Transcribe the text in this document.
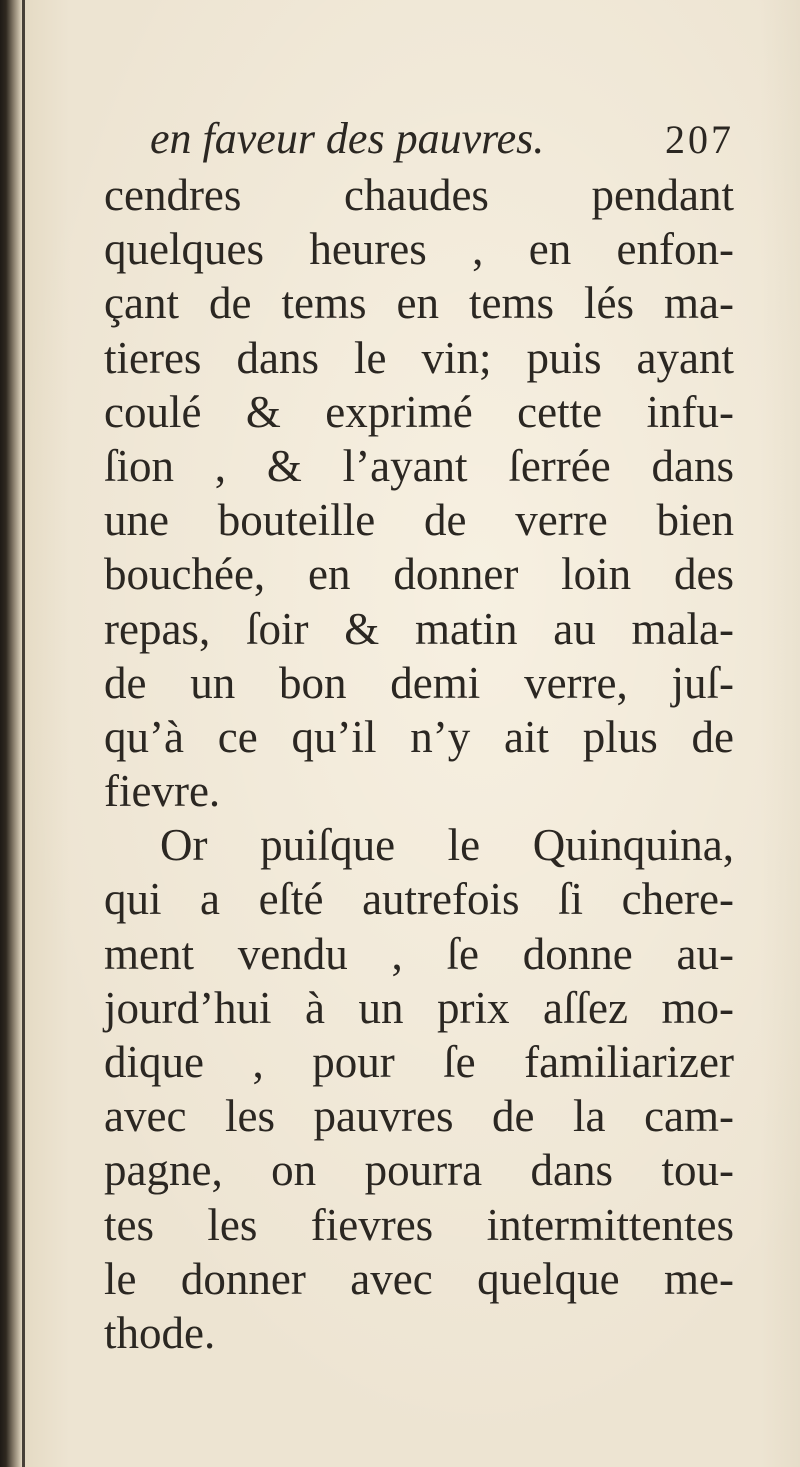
en faveur des pauvres.	207
cendres chaudes pendant
quelques heures , en enfon-
çant de tems en tems lés ma-
tieres dans le vin; puis ayant
coulé & exprimé cette infu-
ſion , & l’ayant ſerrée dans
une bouteille de verre bien
bouchée, en donner loin des
repas, ſoir & matin au mala-
de un bon demi verre, juſ-
qu’à ce qu’il n’y ait plus de
fievre.
Or puiſque le Quinquina,
qui a eſté autrefois ſi chere-
ment vendu , ſe donne au-
jourd’hui à un prix aſſez mo-
dique , pour ſe familiarizer
avec les pauvres de la cam-
pagne, on pourra dans tou-
tes les fievres intermittentes
le donner avec quelque me-
thode.
